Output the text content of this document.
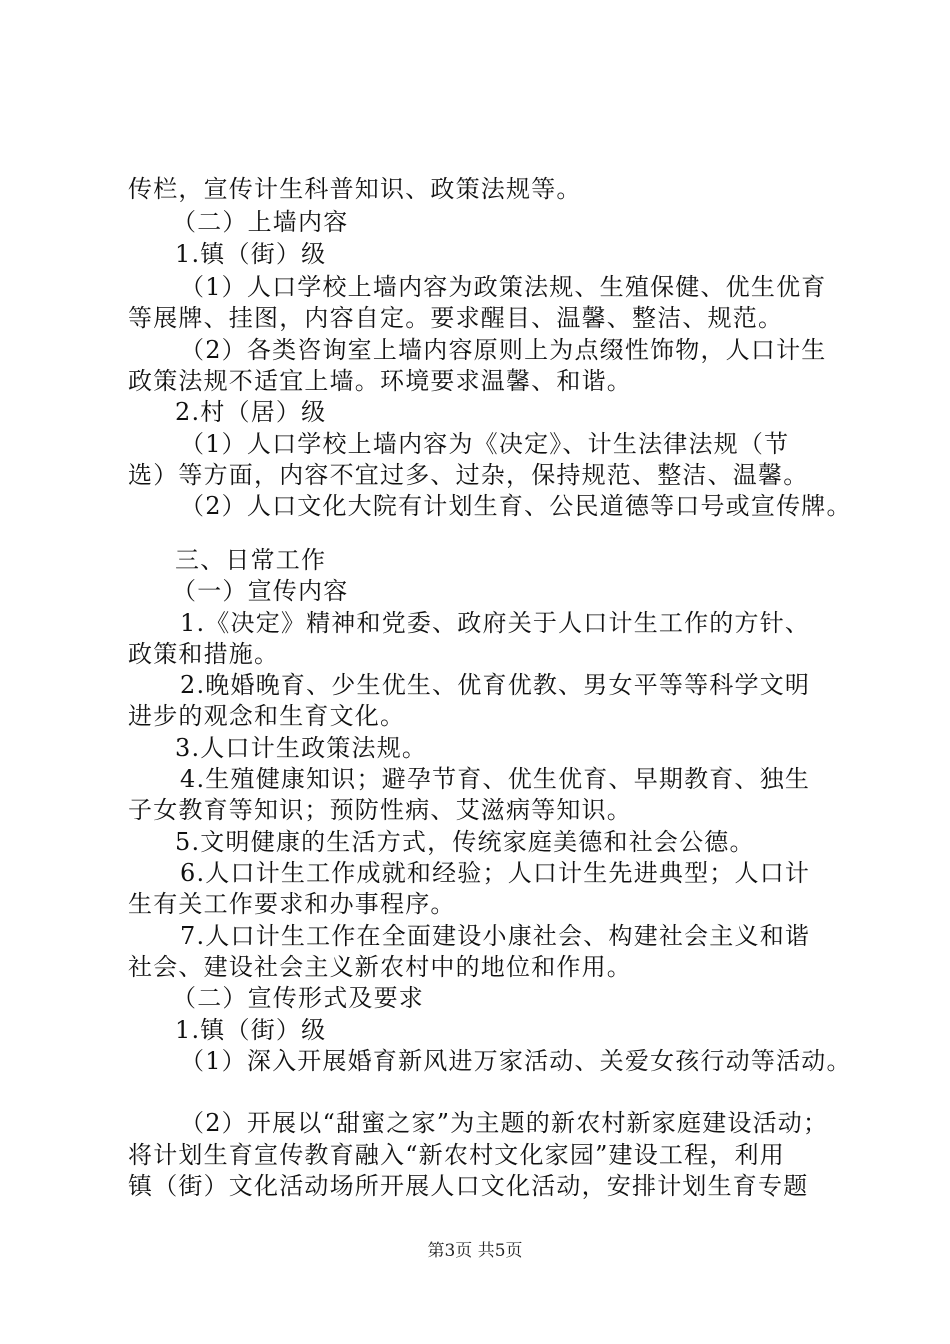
传栏，宣传计生科普知识、政策法规等。
（二）上墙内容
1.镇（街）级
（1）人口学校上墙内容为政策法规、生殖保健、优生优育
等展牌、挂图，内容自定。要求醒目、温馨、整洁、规范。
（2）各类咨询室上墙内容原则上为点缀性饰物，人口计生
政策法规不适宜上墙。环境要求温馨、和谐。
2.村（居）级
（1）人口学校上墙内容为《决定》、计生法律法规（节
选）等方面，内容不宜过多、过杂，保持规范、整洁、温馨。
（2）人口文化大院有计划生育、公民道德等口号或宣传牌。
三、日常工作
（一）宣传内容
1.《决定》精神和党委、政府关于人口计生工作的方针、
政策和措施。
2.晚婚晚育、少生优生、优育优教、男女平等等科学文明
进步的观念和生育文化。
3.人口计生政策法规。
4.生殖健康知识；避孕节育、优生优育、早期教育、独生
子女教育等知识；预防性病、艾滋病等知识。
5.文明健康的生活方式，传统家庭美德和社会公德。
6.人口计生工作成就和经验；人口计生先进典型；人口计
生有关工作要求和办事程序。
7.人口计生工作在全面建设小康社会、构建社会主义和谐
社会、建设社会主义新农村中的地位和作用。
（二）宣传形式及要求
1.镇（街）级
（1）深入开展婚育新风进万家活动、关爱女孩行动等活动。
（2）开展以“甜蜜之家”为主题的新农村新家庭建设活动；
将计划生育宣传教育融入“新农村文化家园”建设工程，利用
镇（街）文化活动场所开展人口文化活动，安排计划生育专题
第3页 共5页
